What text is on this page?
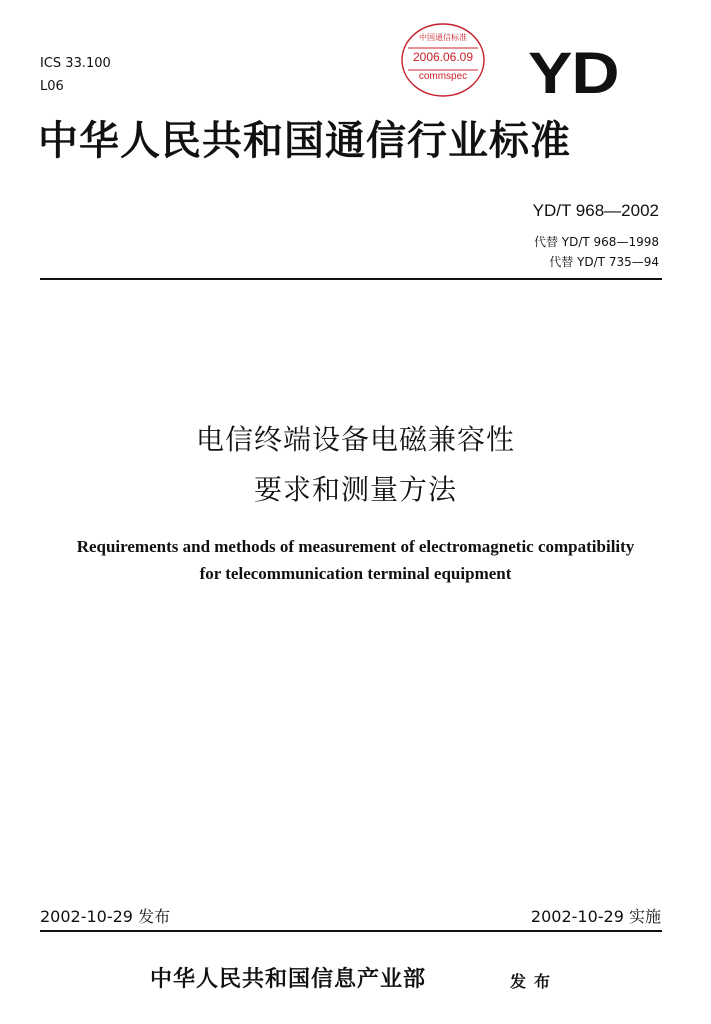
ICS 33.100
L06
中国通信标准
2006.06.09
commspec	YD
中华人民共和国通信行业标准
YD/T 968—2002
代替 YD/T 968—1998
代替 YD/T 735—94
电信终端设备电磁兼容性
要求和测量方法
Requirements and methods of measurement of electromagnetic compatibility
for telecommunication terminal equipment
2002-10-29 发布	2002-10-29 实施
中华人民共和国信息产业部	发布
